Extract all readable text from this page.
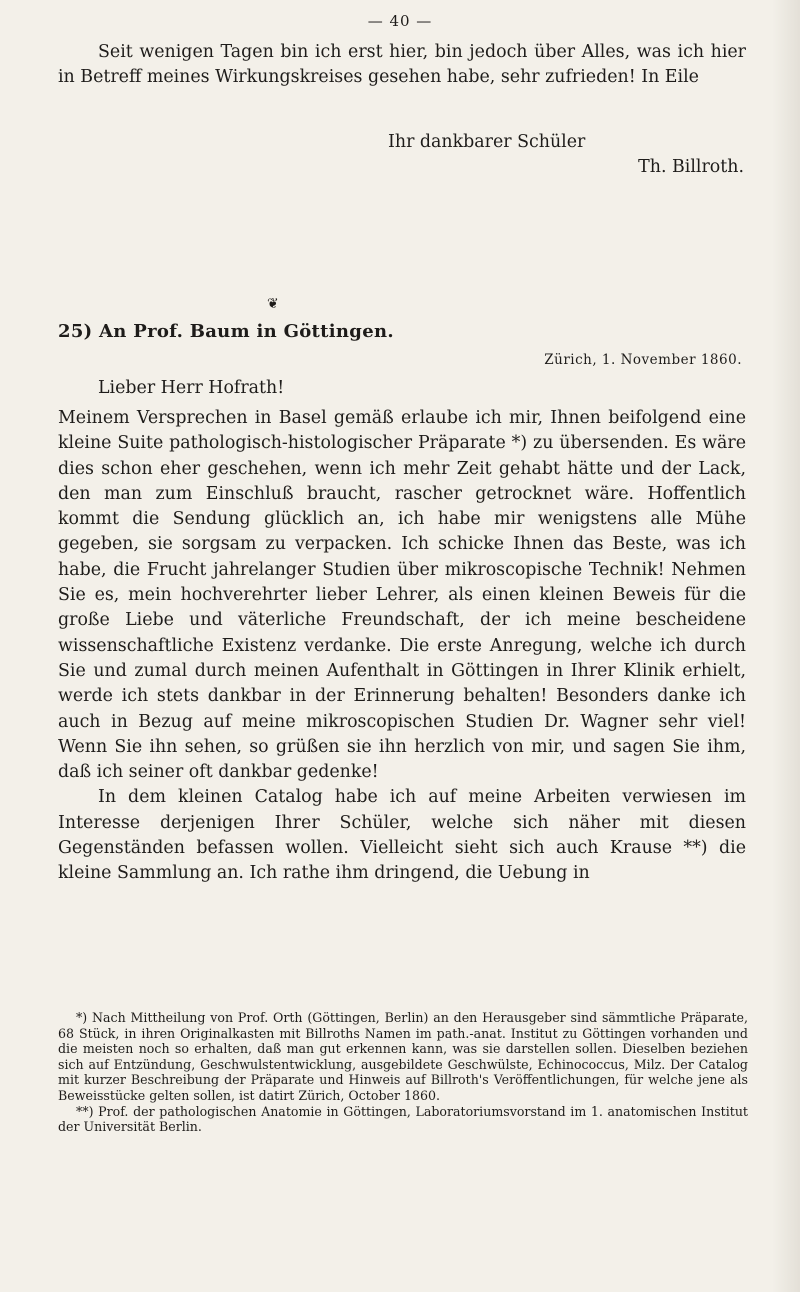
— 40 —

Seit wenigen Tagen bin ich erst hier, bin jedoch über Alles, was ich hier in Betreff meines Wirkungskreises gesehen habe, sehr zufrieden! In Eile

Ihr dankbarer Schüler
Th. Billroth.
❦
25) An Prof. Baum in Göttingen.
Zürich, 1. November 1860.
Lieber Herr Hofrath!

Meinem Versprechen in Basel gemäß erlaube ich mir, Ihnen beifolgend eine kleine Suite pathologisch-histologischer Präparate *) zu übersenden. Es wäre dies schon eher geschehen, wenn ich mehr Zeit gehabt hätte und der Lack, den man zum Einschluß braucht, rascher getrocknet wäre. Hoffentlich kommt die Sendung glücklich an, ich habe mir wenigstens alle Mühe gegeben, sie sorgsam zu verpacken. Ich schicke Ihnen das Beste, was ich habe, die Frucht jahrelanger Studien über mikroscopische Technik! Nehmen Sie es, mein hochverehrter lieber Lehrer, als einen kleinen Beweis für die große Liebe und väterliche Freundschaft, der ich meine bescheidene wissenschaftliche Existenz verdanke. Die erste Anregung, welche ich durch Sie und zumal durch meinen Aufenthalt in Göttingen in Ihrer Klinik erhielt, werde ich stets dankbar in der Erinnerung behalten! Besonders danke ich auch in Bezug auf meine mikroscopischen Studien Dr. Wagner sehr viel! Wenn Sie ihn sehen, so grüßen sie ihn herzlich von mir, und sagen Sie ihm, daß ich seiner oft dankbar gedenke!

In dem kleinen Catalog habe ich auf meine Arbeiten verwiesen im Interesse derjenigen Ihrer Schüler, welche sich näher mit diesen Gegenständen befassen wollen. Vielleicht sieht sich auch Krause **) die kleine Sammlung an. Ich rathe ihm dringend, die Uebung in

*) Nach Mittheilung von Prof. Orth (Göttingen, Berlin) an den Herausgeber sind sämmtliche Präparate, 68 Stück, in ihren Originalkasten mit Billroths Namen im path.-anat. Institut zu Göttingen vorhanden und die meisten noch so erhalten, daß man gut erkennen kann, was sie darstellen sollen. Dieselben beziehen sich auf Entzündung, Geschwulstentwicklung, ausgebildete Geschwülste, Echinococcus, Milz. Der Catalog mit kurzer Beschreibung der Präparate und Hinweis auf Billroth's Veröffentlichungen, für welche jene als Beweisstücke gelten sollen, ist datirt Zürich, October 1860.

**) Prof. der pathologischen Anatomie in Göttingen, Laboratoriumsvorstand im 1. anatomischen Institut der Universität Berlin.
